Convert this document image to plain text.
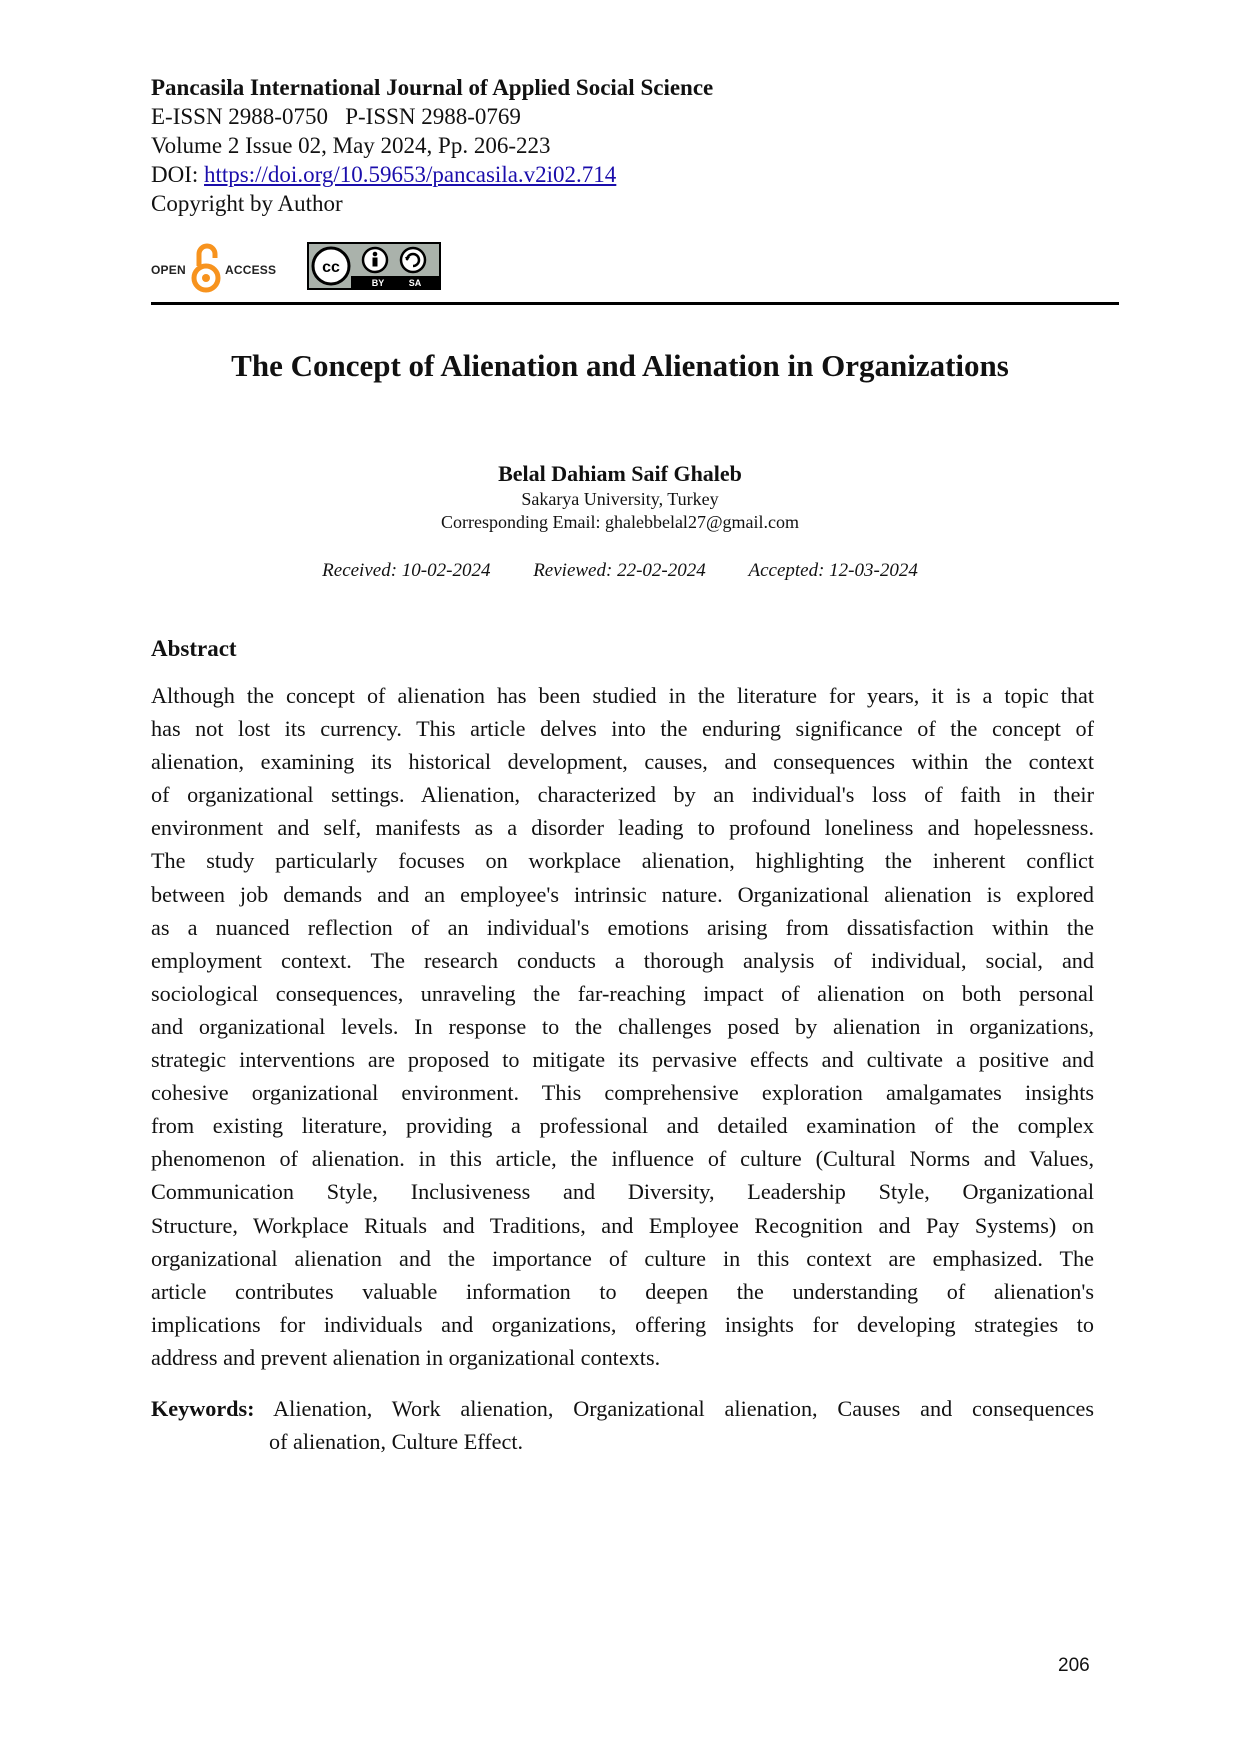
Pancasila International Journal of Applied Social Science
E-ISSN 2988-0750   P-ISSN 2988-0769
Volume 2 Issue 02, May 2024, Pp. 206-223
DOI: https://doi.org/10.59653/pancasila.v2i02.714
Copyright by Author
OPEN	ACCESS	cc
BY	SA
The Concept of Alienation and Alienation in Organizations
Belal Dahiam Saif Ghaleb
Sakarya University, Turkey
Corresponding Email: ghalebbelal27@gmail.com
Received: 10-02-2024 Reviewed: 22-02-2024 Accepted: 12-03-2024
Abstract
Although the concept of alienation has been studied in the literature for years, it is a topic that
has not lost its currency. This article delves into the enduring significance of the concept of
alienation, examining its historical development, causes, and consequences within the context
of organizational settings. Alienation, characterized by an individual's loss of faith in their
environment and self, manifests as a disorder leading to profound loneliness and hopelessness.
The study particularly focuses on workplace alienation, highlighting the inherent conflict
between job demands and an employee's intrinsic nature. Organizational alienation is explored
as a nuanced reflection of an individual's emotions arising from dissatisfaction within the
employment context. The research conducts a thorough analysis of individual, social, and
sociological consequences, unraveling the far-reaching impact of alienation on both personal
and organizational levels. In response to the challenges posed by alienation in organizations,
strategic interventions are proposed to mitigate its pervasive effects and cultivate a positive and
cohesive organizational environment. This comprehensive exploration amalgamates insights
from existing literature, providing a professional and detailed examination of the complex
phenomenon of alienation. in this article, the influence of culture (Cultural Norms and Values,
Communication Style, Inclusiveness and Diversity, Leadership Style, Organizational
Structure, Workplace Rituals and Traditions, and Employee Recognition and Pay Systems) on
organizational alienation and the importance of culture in this context are emphasized. The
article contributes valuable information to deepen the understanding of alienation's
implications for individuals and organizations, offering insights for developing strategies to
address and prevent alienation in organizational contexts.
Keywords: Alienation, Work alienation, Organizational alienation, Causes and consequences
of alienation, Culture Effect.
206
